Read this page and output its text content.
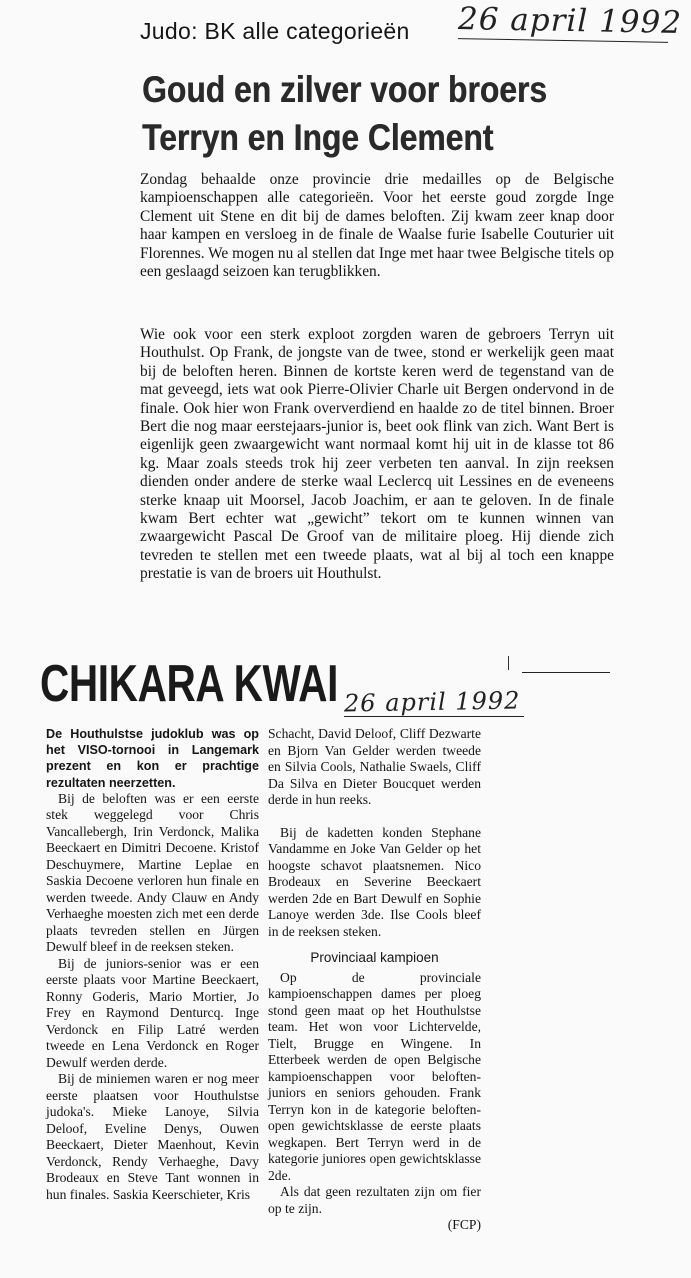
Judo: BK alle categorieën 26 april 1992
Goud en zilver voor broers
Terryn en Inge Clement

Zondag behaalde onze provincie drie medailles op de Belgische kampioenschappen alle categorieën. Voor het eerste goud zorgde Inge Clement uit Stene en dit bij de dames beloften. Zij kwam zeer knap door haar kampen en versloeg in de finale de Waalse furie Isabelle Couturier uit Florennes. We mogen nu al stellen dat Inge met haar twee Belgische titels op een geslaagd seizoen kan terugblikken.

Wie ook voor een sterk exploot zorgden waren de gebroers Terryn uit Houthulst. Op Frank, de jongste van de twee, stond er werkelijk geen maat bij de beloften heren. Binnen de kortste keren werd de tegenstand van de mat geveegd, iets wat ook Pierre-Olivier Charle uit Bergen ondervond in de finale. Ook hier won Frank oververdiend en haalde zo de titel binnen. Broer Bert die nog maar eerstejaars-junior is, beet ook flink van zich. Want Bert is eigenlijk geen zwaargewicht want normaal komt hij uit in de klasse tot 86 kg. Maar zoals steeds trok hij zeer verbeten ten aanval. In zijn reeksen dienden onder andere de sterke waal Leclercq uit Lessines en de eveneens sterke knaap uit Moorsel, Jacob Joachim, er aan te geloven. In de finale kwam Bert echter wat „gewicht” tekort om te kunnen winnen van zwaargewicht Pascal De Groof van de militaire ploeg. Hij diende zich tevreden te stellen met een tweede plaats, wat al bij al toch een knappe prestatie is van de broers uit Houthulst.

CHIKARA KWAI 26 april 1992

De Houthulstse judoklub was op het VISO-tornooi in Langemark prezent en kon er prachtige rezultaten neerzetten.

Bij de beloften was er een eerste stek weggelegd voor Chris Vancallebergh, Irin Verdonck, Malika Beeckaert en Dimitri Decoene. Kristof Deschuymere, Martine Leplae en Saskia Decoene verloren hun finale en werden tweede. Andy Clauw en Andy Verhaeghe moesten zich met een derde plaats tevreden stellen en Jürgen Dewulf bleef in de reeksen steken.

Bij de juniors-senior was er een eerste plaats voor Martine Beeckaert, Ronny Goderis, Mario Mortier, Jo Frey en Raymond Denturcq. Inge Verdonck en Filip Latré werden tweede en Lena Verdonck en Roger Dewulf werden derde.

Bij de miniemen waren er nog meer eerste plaatsen voor Houthulstse judoka's. Mieke Lanoye, Silvia Deloof, Eveline Denys, Ouwen Beeckaert, Dieter Maenhout, Kevin Verdonck, Rendy Verhaeghe, Davy Brodeaux en Steve Tant wonnen in hun finales. Saskia Keerschieter, Kris

Schacht, David Deloof, Cliff Dezwarte en Bjorn Van Gelder werden tweede en Silvia Cools, Nathalie Swaels, Cliff Da Silva en Dieter Boucquet werden derde in hun reeks.

Bij de kadetten konden Stephane Vandamme en Joke Van Gelder op het hoogste schavot plaatsnemen. Nico Brodeaux en Severine Beeckaert werden 2de en Bart Dewulf en Sophie Lanoye werden 3de. Ilse Cools bleef in de reeksen steken.

Provinciaal kampioen

Op de provinciale kampioenschappen dames per ploeg stond geen maat op het Houthulstse team. Het won voor Lichtervelde, Tielt, Brugge en Wingene. In Etterbeek werden de open Belgische kampioenschappen voor beloften-juniors en seniors gehouden. Frank Terryn kon in de kategorie beloften- open gewichtsklasse de eerste plaats wegkapen. Bert Terryn werd in de kategorie juniores open gewichtsklasse 2de.

Als dat geen rezultaten zijn om fier op te zijn.

(FCP)
